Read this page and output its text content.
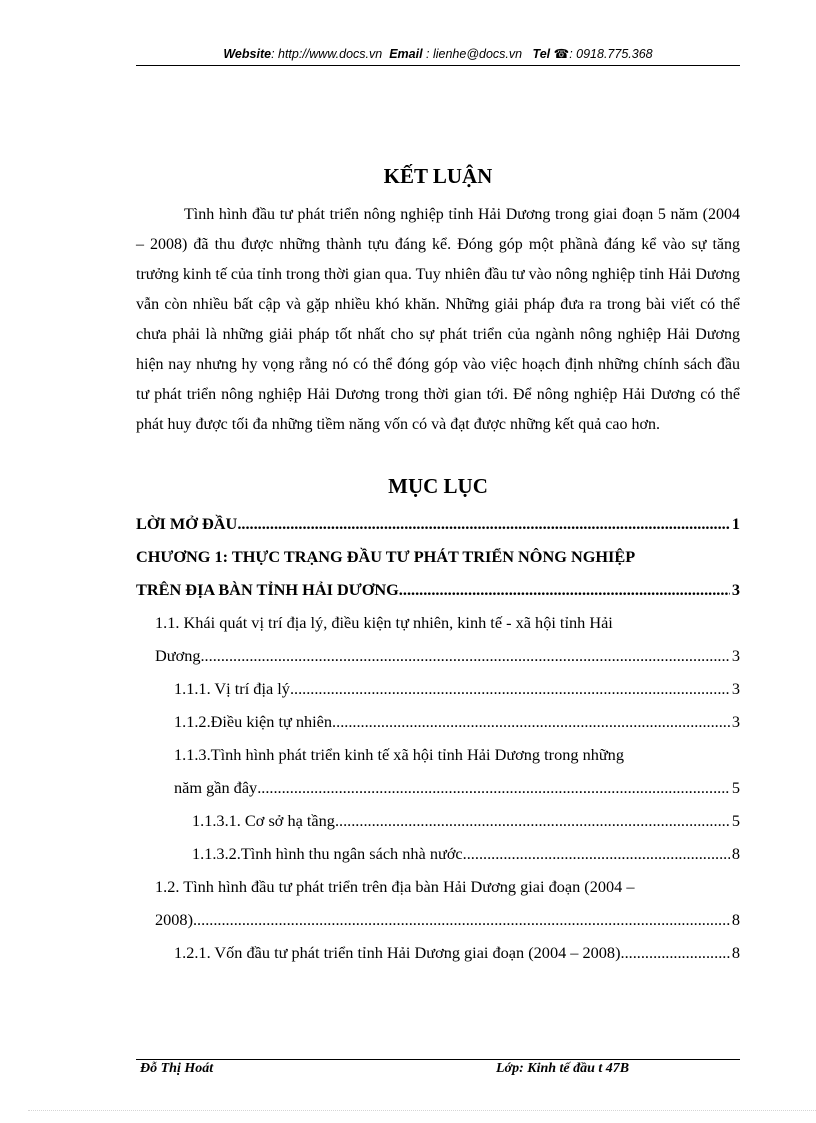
Website: http://www.docs.vn Email : lienhe@docs.vn Tel ☎: 0918.775.368
KẾT LUẬN

Tình hình đầu tư phát triển nông nghiệp tỉnh Hải Dương trong giai đoạn 5 năm (2004 – 2008) đã thu được những thành tựu đáng kể. Đóng góp một phầnà đáng kể vào sự tăng trưởng kinh tế của tỉnh trong thời gian qua. Tuy nhiên đầu tư vào nông nghiệp tỉnh Hải Dương vẫn còn nhiều bất cập và gặp nhiều khó khăn. Những giải pháp đưa ra trong bài viết có thể chưa phải là những giải pháp tốt nhất cho sự phát triển của ngành nông nghiệp Hải Dương hiện nay nhưng hy vọng rằng nó có thể đóng góp vào việc hoạch định những chính sách đầu tư phát triển nông nghiệp Hải Dương trong thời gian tới. Để nông nghiệp Hải Dương có thể phát huy được tối đa những tiềm năng vốn có và đạt được những kết quả cao hơn.

MỤC LỤC
LỜI MỞ ĐẦU .....	1
CHƯƠNG 1: THỰC TRẠNG ĐẦU TƯ PHÁT TRIỂN NÔNG NGHIỆP
TRÊN ĐỊA BÀN TỈNH HẢI DƯƠNG .....	3
1.1. Khái quát vị trí địa lý, điều kiện tự nhiên, kinh tế - xã hội tỉnh Hải
Dương .....	3
1.1.1. Vị trí địa lý .....	3
1.1.2.Điều kiện tự nhiên .....	3
1.1.3.Tình hình phát triển kinh tế xã hội tỉnh Hải Dương trong những
năm gần đây .....	5
1.1.3.1. Cơ sở hạ tầng .....	5
1.1.3.2.Tình hình thu ngân sách nhà nước .....	8
1.2. Tình hình đầu tư phát triển trên địa bàn Hải Dương giai đoạn (2004 –
2008) .....	8
1.2.1. Vốn đầu tư phát triển tỉnh Hải Dương giai đoạn (2004 – 2008) .....	8
Đỗ Thị Hoát	Lớp: Kinh tế đầu t 47B
